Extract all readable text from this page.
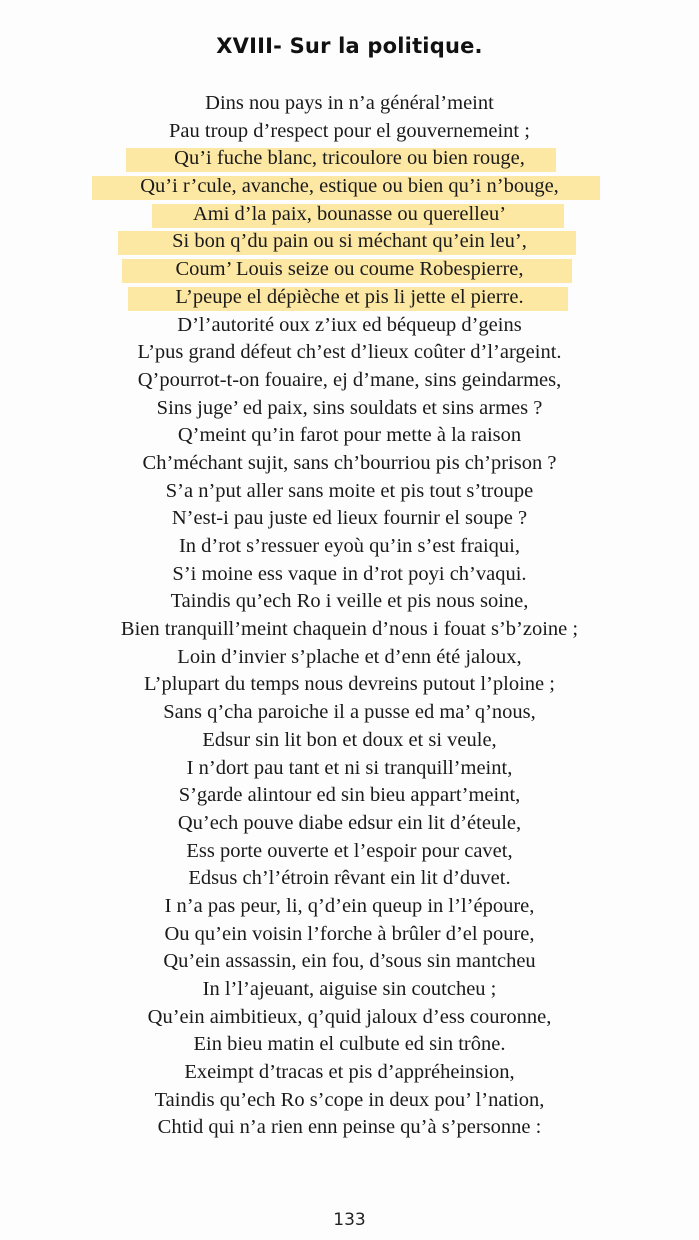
XVIII- Sur la politique.
Dins nou pays in n’a général’meint
Pau troup d’respect pour el gouvernemeint ;
Qu’i fuche blanc, tricoulore ou bien rouge,
Qu’i r’cule, avanche, estique ou bien qu’i n’bouge,
Ami d’la paix, bounasse ou querelleu’
Si bon q’du pain ou si méchant qu’ein leu’,
Coum’ Louis seize ou coume Robespierre,
L’peupe el dépièche et pis li jette el pierre.
D’l’autorité oux z’iux ed béqueup d’geins
L’pus grand défeut ch’est d’lieux coûter d’l’argeint.
Q’pourrot-t-on fouaire, ej d’mane, sins geindarmes,
Sins juge’ ed paix, sins souldats et sins armes ?
Q’meint qu’in farot pour mette à la raison
Ch’méchant sujit, sans ch’bourriou pis ch’prison ?
S’a n’put aller sans moite et pis tout s’troupe
N’est-i pau juste ed lieux fournir el soupe ?
In d’rot s’ressuer eyoù qu’in s’est fraiqui,
S’i moine ess vaque in d’rot poyi ch’vaqui.
Taindis qu’ech Ro i veille et pis nous soine,
Bien tranquill’meint chaquein d’nous i fouat s’b’zoine ;
Loin d’invier s’plache et d’enn été jaloux,
L’plupart du temps nous devreins putout l’ploine ;
Sans q’cha paroiche il a pusse ed ma’ q’nous,
Edsur sin lit bon et doux et si veule,
I n’dort pau tant et ni si tranquill’meint,
S’garde alintour ed sin bieu appart’meint,
Qu’ech pouve diabe edsur ein lit d’éteule,
Ess porte ouverte et l’espoir pour cavet,
Edsus ch’l’étroin rêvant ein lit d’duvet.
I n’a pas peur, li, q’d’ein queup in l’l’époure,
Ou qu’ein voisin l’forche à brûler d’el poure,
Qu’ein assassin, ein fou, d’sous sin mantcheu
In l’l’ajeuant, aiguise sin coutcheu ;
Qu’ein aimbitieux, q’quid jaloux d’ess couronne,
Ein bieu matin el culbute ed sin trône.
Exeimpt d’tracas et pis d’appréheinsion,
Taindis qu’ech Ro s’cope in deux pou’ l’nation,
Chtid qui n’a rien enn peinse qu’à s’personne :
133
